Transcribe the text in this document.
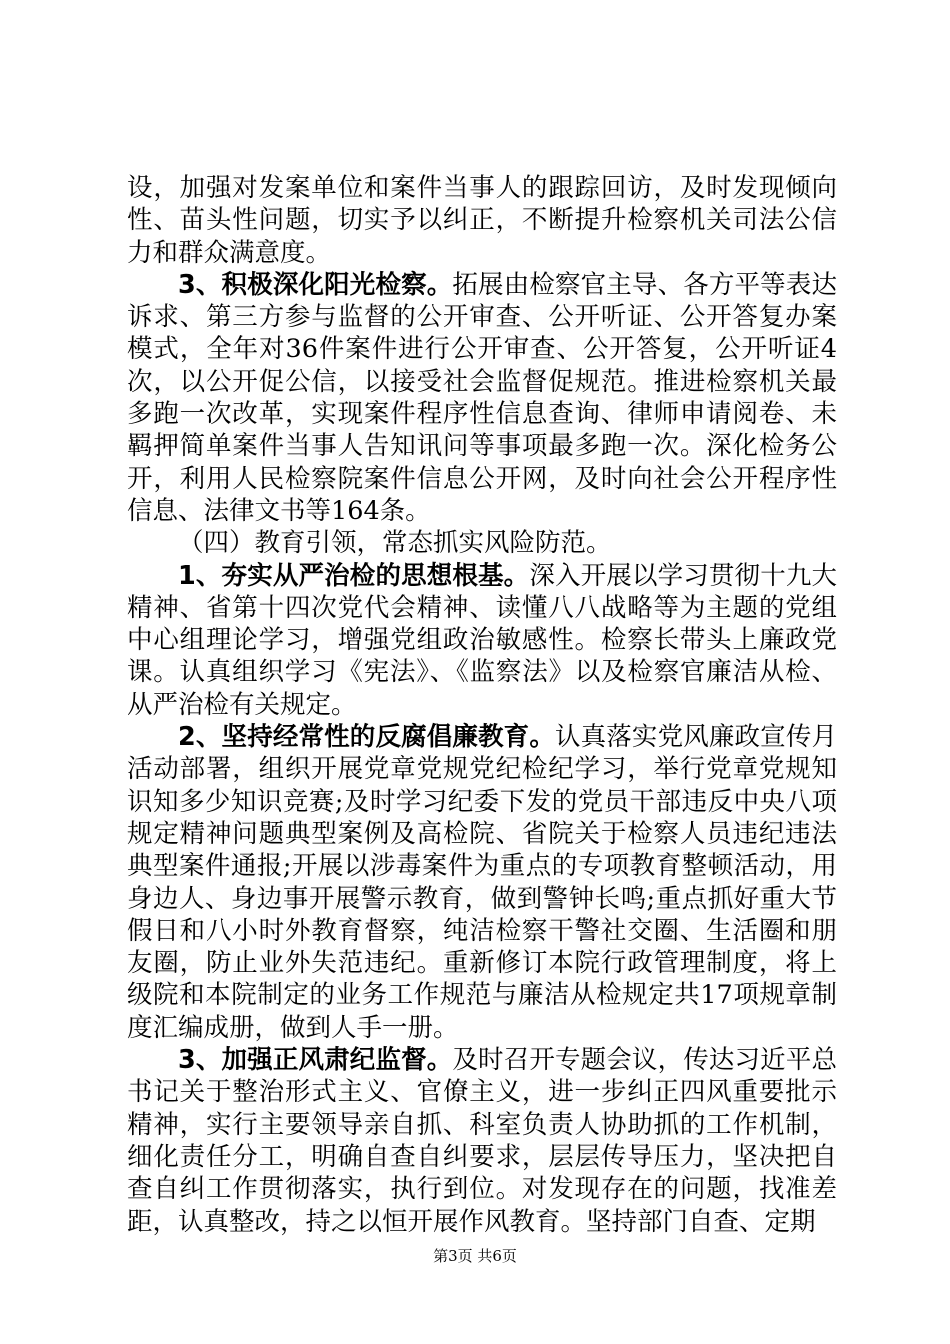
设，加强对发案单位和案件当事人的跟踪回访，及时发现倾向性、苗头性问题，切实予以纠正，不断提升检察机关司法公信力和群众满意度。

3、积极深化阳光检察。拓展由检察官主导、各方平等表达诉求、第三方参与监督的公开审查、公开听证、公开答复办案模式，全年对36件案件进行公开审查、公开答复，公开听证4次，以公开促公信，以接受社会监督促规范。推进检察机关最多跑一次改革，实现案件程序性信息查询、律师申请阅卷、未羁押简单案件当事人告知讯问等事项最多跑一次。深化检务公开，利用人民检察院案件信息公开网，及时向社会公开程序性信息、法律文书等164条。

（四）教育引领，常态抓实风险防范。

1、夯实从严治检的思想根基。深入开展以学习贯彻十九大精神、省第十四次党代会精神、读懂八八战略等为主题的党组中心组理论学习，增强党组政治敏感性。检察长带头上廉政党课。认真组织学习《宪法》、《监察法》以及检察官廉洁从检、从严治检有关规定。

2、坚持经常性的反腐倡廉教育。认真落实党风廉政宣传月活动部署，组织开展党章党规党纪检纪学习，举行党章党规知识知多少知识竞赛;及时学习纪委下发的党员干部违反中央八项规定精神问题典型案例及高检院、省院关于检察人员违纪违法典型案件通报;开展以涉毒案件为重点的专项教育整顿活动，用身边人、身边事开展警示教育，做到警钟长鸣;重点抓好重大节假日和八小时外教育督察，纯洁检察干警社交圈、生活圈和朋友圈，防止业外失范违纪。重新修订本院行政管理制度，将上级院和本院制定的业务工作规范与廉洁从检规定共17项规章制度汇编成册，做到人手一册。

3、加强正风肃纪监督。及时召开专题会议，传达习近平总书记关于整治形式主义、官僚主义，进一步纠正四风重要批示精神，实行主要领导亲自抓、科室负责人协助抓的工作机制，细化责任分工，明确自查自纠要求，层层传导压力，坚决把自查自纠工作贯彻落实，执行到位。对发现存在的问题，找准差距，认真整改，持之以恒开展作风教育。坚持部门自查、定期

第3页 共6页
